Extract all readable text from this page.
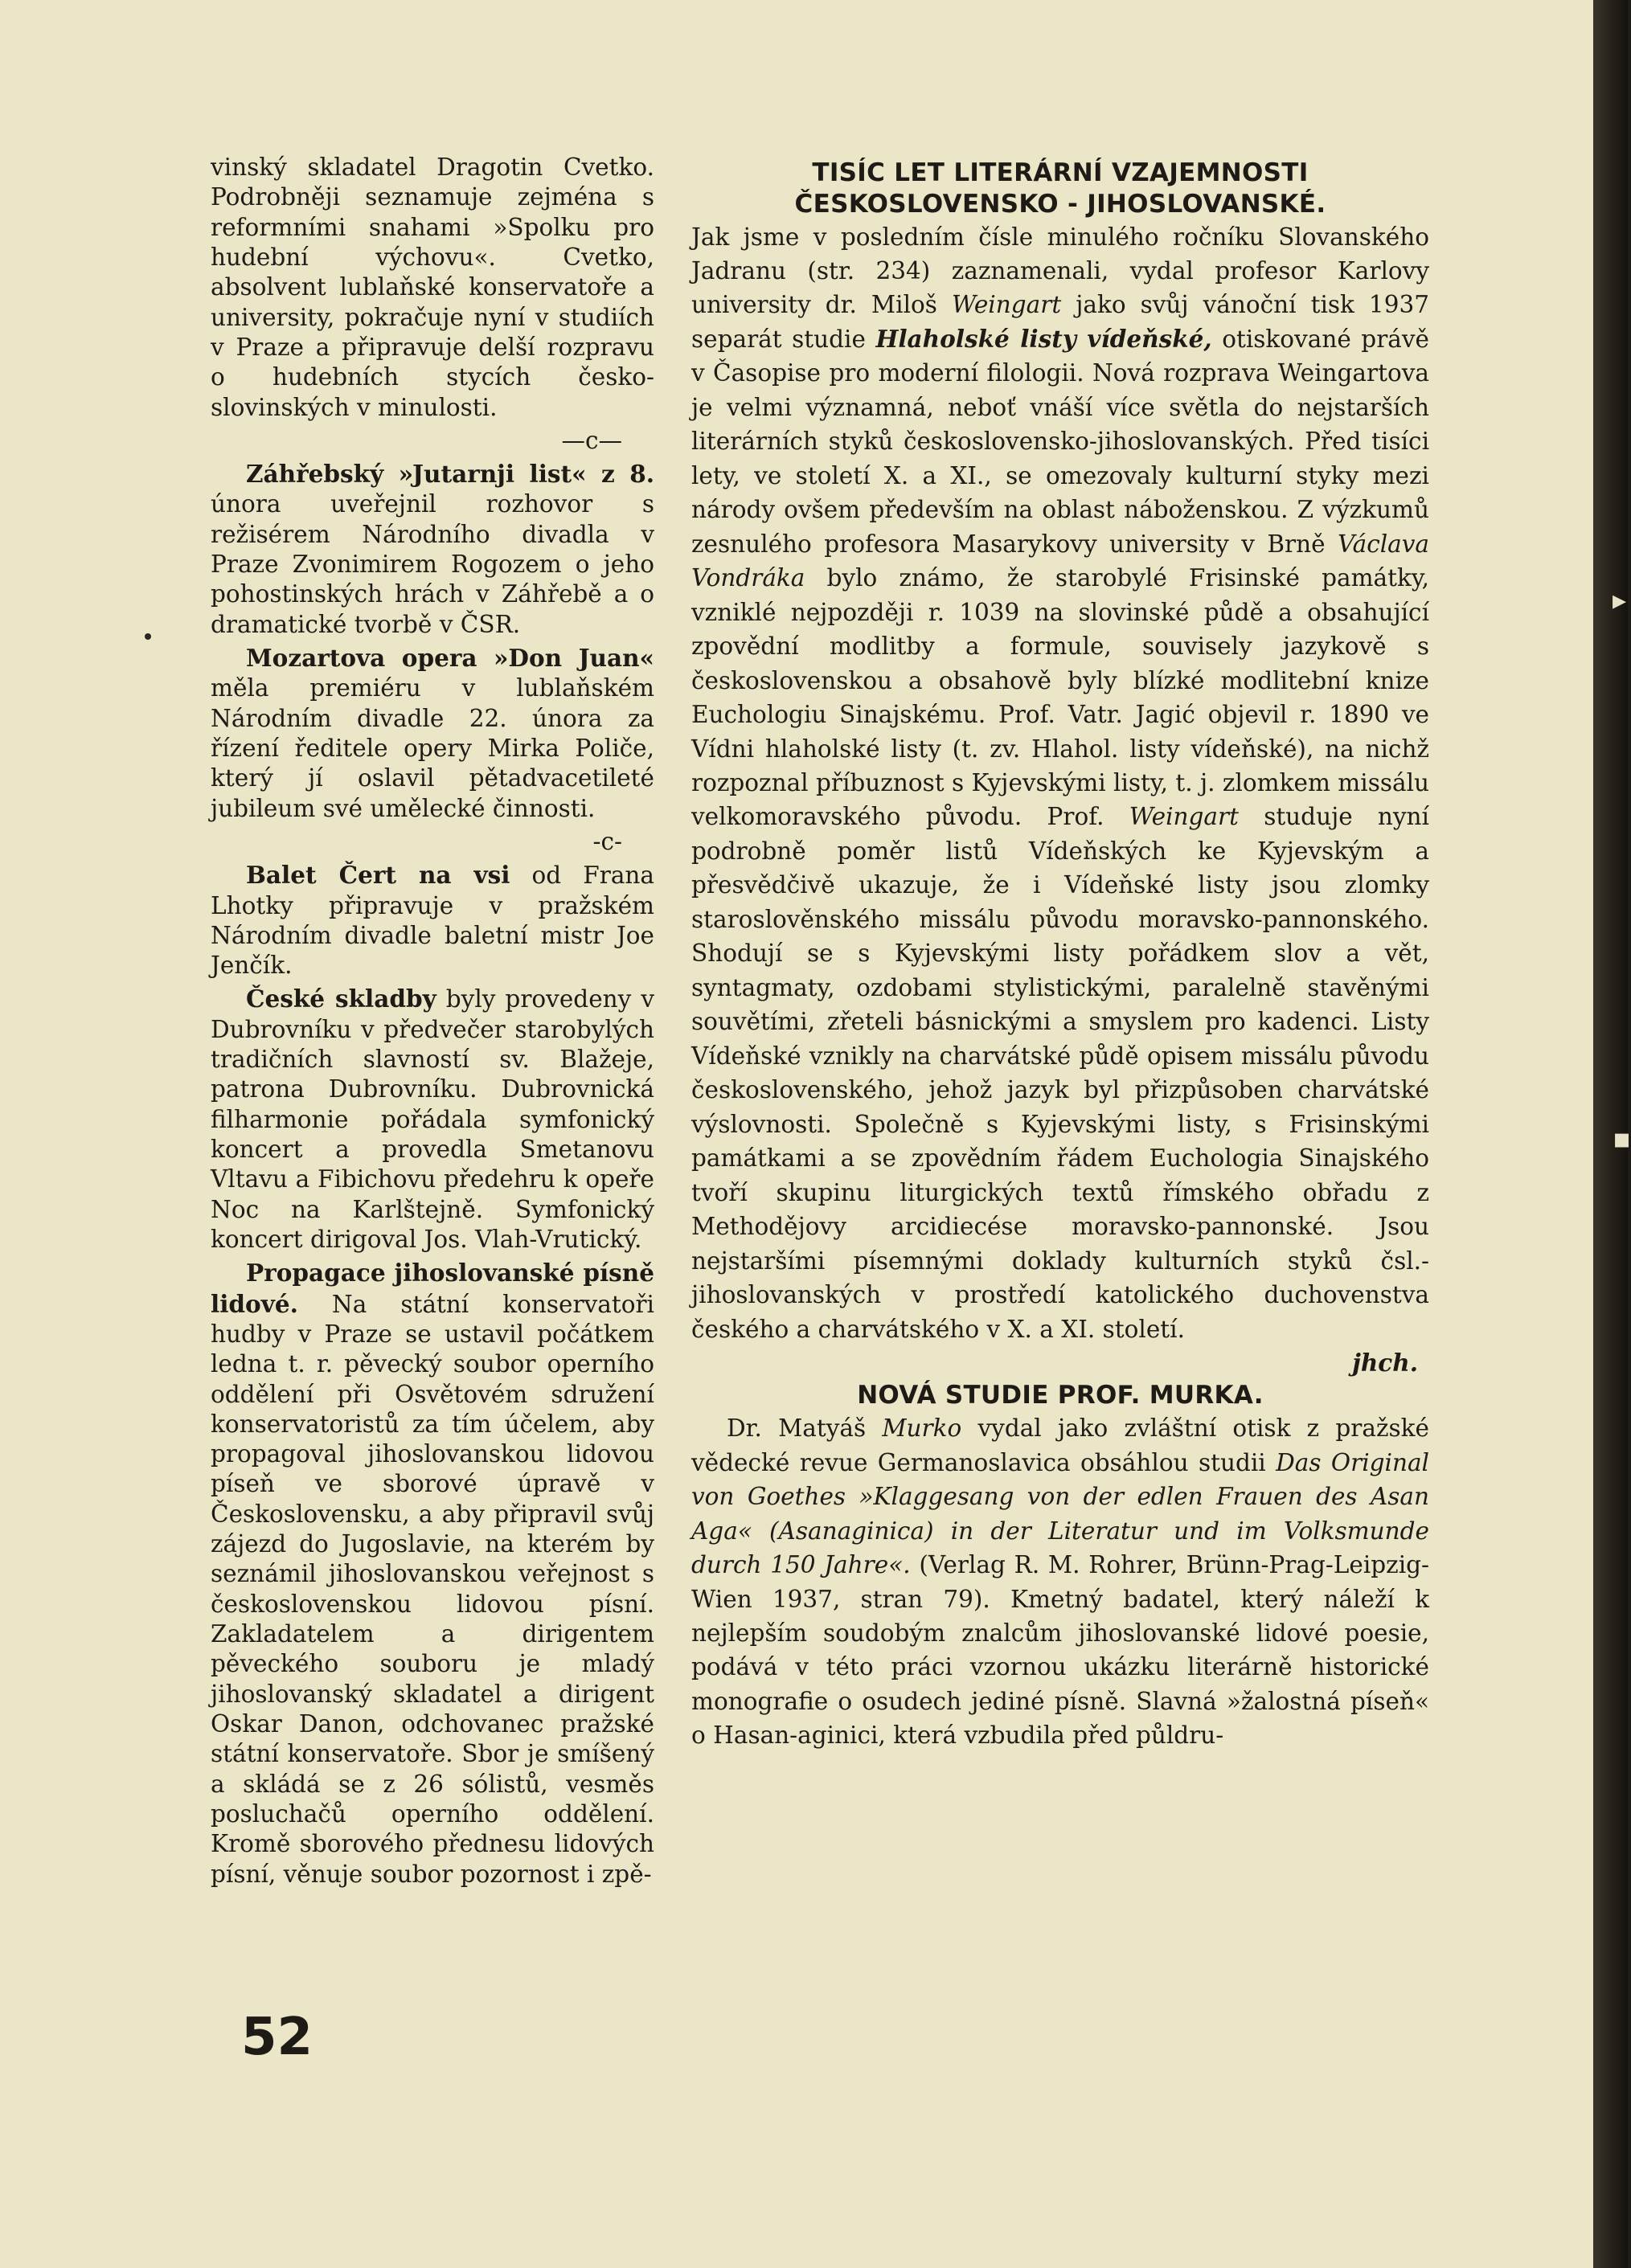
vinský skladatel Dragotin Cvetko. Podrobněji seznamuje zejména s reformními snahami »Spolku pro hudební výchovu«. Cvetko, absolvent lublaňské konservatoře a university, pokračuje nyní v studiích v Praze a připravuje delší rozpravu o hudebních stycích česko-slovinských v minulosti.

—c—

Záhřebský »Jutarnji list« z 8. února uveřejnil rozhovor s režisérem Národního divadla v Praze Zvonimirem Rogozem o jeho pohostinských hrách v Záhřebě a o dramatické tvorbě v ČSR.

Mozartova opera »Don Juan« měla premiéru v lublaňském Národním divadle 22. února za řízení ředitele opery Mirka Poliče, který jí oslavil pětadvacetileté jubileum své umělecké činnosti.

-c-

Balet Čert na vsi od Frana Lhotky připravuje v pražském Národním divadle baletní mistr Joe Jenčík.

České skladby byly provedeny v Dubrovníku v předvečer starobylých tradičních slavností sv. Blažeje, patrona Dubrovníku. Dubrovnická filharmonie pořádala symfonický koncert a provedla Smetanovu Vltavu a Fibichovu předehru k opeře Noc na Karlštejně. Symfonický koncert dirigoval Jos. Vlah-Vrutický.

Propagace jihoslovanské písně lidové. Na státní konservatoři hudby v Praze se ustavil počátkem ledna t. r. pěvecký soubor operního oddělení při Osvětovém sdružení konservatoristů za tím účelem, aby propagoval jihoslovanskou lidovou píseň ve sborové úpravě v Československu, a aby připravil svůj zájezd do Jugoslavie, na kterém by seznámil jihoslovanskou veřejnost s československou lidovou písní. Zakladatelem a dirigentem pěveckého souboru je mladý jihoslovanský skladatel a dirigent Oskar Danon, odchovanec pražské státní konservatoře. Sbor je smíšený a skládá se z 26 sólistů, vesměs posluchačů operního oddělení. Kromě sborového přednesu lidových písní, věnuje soubor pozornost i zpě-

TISÍC LET LITERÁRNÍ VZAJEMNOSTI
ČESKOSLOVENSKO - JIHOSLOVANSKÉ.

Jak jsme v posledním čísle minulého ročníku Slovanského Jadranu (str. 234) zaznamenali, vydal profesor Karlovy university dr. Miloš Weingart jako svůj vánoční tisk 1937 separát studie Hlaholské listy vídeňské, otiskované právě v Časopise pro moderní filologii. Nová rozprava Weingartova je velmi významná, neboť vnáší více světla do nejstarších literárních styků československo-jihoslovanských. Před tisíci lety, ve století X. a XI., se omezovaly kulturní styky mezi národy ovšem především na oblast náboženskou. Z výzkumů zesnulého profesora Masarykovy university v Brně Václava Vondráka bylo známo, že starobylé Frisinské památky, vzniklé nejpozději r. 1039 na slovinské půdě a obsahující zpovědní modlitby a formule, souvisely jazykově s československou a obsahově byly blízké modlitební knize Euchologiu Sinajskému. Prof. Vatr. Jagić objevil r. 1890 ve Vídni hlaholské listy (t. zv. Hlahol. listy vídeňské), na nichž rozpoznal příbuznost s Kyjevskými listy, t. j. zlomkem missálu velkomoravského původu. Prof. Weingart studuje nyní podrobně poměr listů Vídeňských ke Kyjevským a přesvědčivě ukazuje, že i Vídeňské listy jsou zlomky staroslověnského missálu původu moravsko-pannonského. Shodují se s Kyjevskými listy pořádkem slov a vět, syntagmaty, ozdobami stylistickými, paralelně stavěnými souvětími, zřeteli básnickými a smyslem pro kadenci. Listy Vídeňské vznikly na charvátské půdě opisem missálu původu československého, jehož jazyk byl přizpůsoben charvátské výslovnosti. Společně s Kyjevskými listy, s Frisinskými památkami a se zpovědním řádem Euchologia Sinajského tvoří skupinu liturgických textů římského obřadu z Methodějovy arcidiecése moravsko-pannonské. Jsou nejstaršími písemnými doklady kulturních styků čsl.-jihoslovanských v prostředí katolického duchovenstva českého a charvátského v X. a XI. století.

jhch.

NOVÁ STUDIE PROF. MURKA.

Dr. Matyáš Murko vydal jako zvláštní otisk z pražské vědecké revue Germanoslavica obsáhlou studii Das Original von Goethes »Klaggesang von der edlen Frauen des Asan Aga« (Asanaginica) in der Literatur und im Volksmunde durch 150 Jahre«. (Verlag R. M. Rohrer, Brünn-Prag-Leipzig-Wien 1937, stran 79). Kmetný badatel, který náleží k nejlepším soudobým znalcům jihoslovanské lidové poesie, podává v této práci vzornou ukázku literárně historické monografie o osudech jediné písně. Slavná »žalostná píseň« o Hasan-aginici, která vzbudila před půldru-

52
▸
▪
